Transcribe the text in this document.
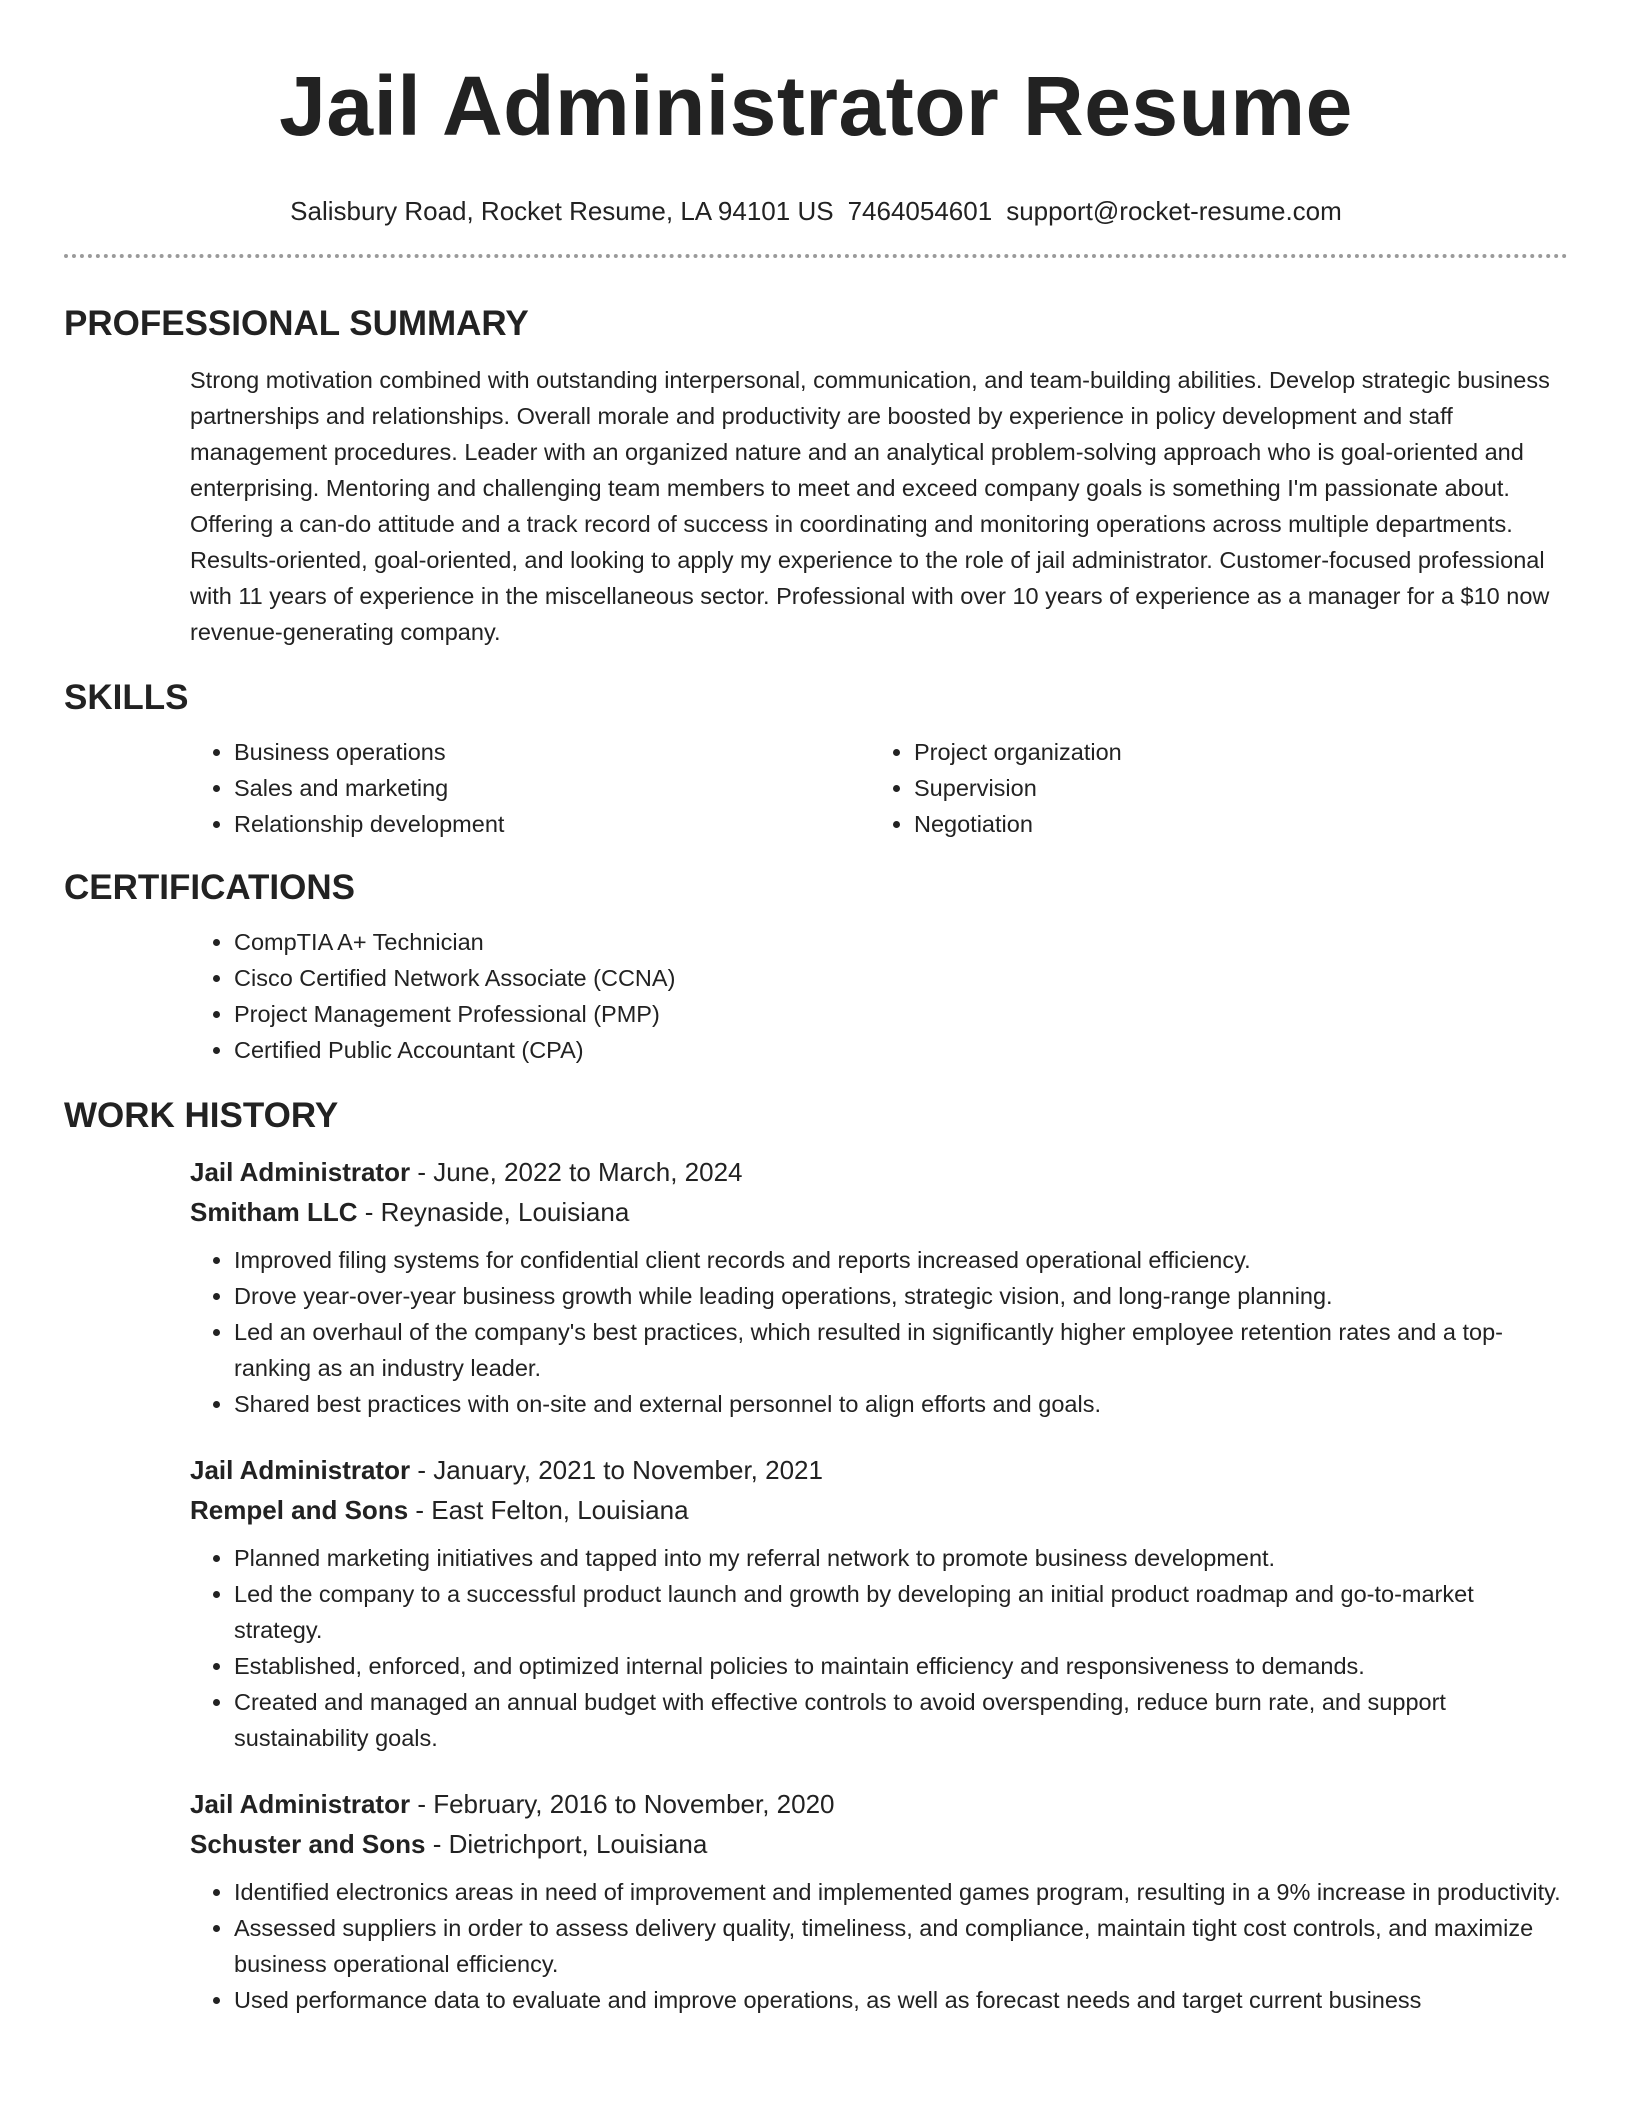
Jail Administrator Resume
Salisbury Road, Rocket Resume, LA 94101 US 7464054601 support@rocket-resume.com
PROFESSIONAL SUMMARY

Strong motivation combined with outstanding interpersonal, communication, and team-building abilities. Develop strategic business partnerships and relationships. Overall morale and productivity are boosted by experience in policy development and staff management procedures. Leader with an organized nature and an analytical problem-solving approach who is goal-oriented and enterprising. Mentoring and challenging team members to meet and exceed company goals is something I'm passionate about. Offering a can-do attitude and a track record of success in coordinating and monitoring operations across multiple departments. Results-oriented, goal-oriented, and looking to apply my experience to the role of jail administrator. Customer-focused professional with 11 years of experience in the miscellaneous sector. Professional with over 10 years of experience as a manager for a $10 now revenue-generating company.

SKILLS
• Business operations
• Sales and marketing
• Relationship development
• Project organization
• Supervision
• Negotiation
CERTIFICATIONS
• CompTIA A+ Technician
• Cisco Certified Network Associate (CCNA)
• Project Management Professional (PMP)
• Certified Public Accountant (CPA)
WORK HISTORY
Jail Administrator - June, 2022 to March, 2024
Smitham LLC - Reynaside, Louisiana
• Improved filing systems for confidential client records and reports increased operational efficiency.
• Drove year-over-year business growth while leading operations, strategic vision, and long-range planning.
• Led an overhaul of the company's best practices, which resulted in significantly higher employee retention rates and a top-ranking as an industry leader.
• Shared best practices with on-site and external personnel to align efforts and goals.
Jail Administrator - January, 2021 to November, 2021
Rempel and Sons - East Felton, Louisiana
• Planned marketing initiatives and tapped into my referral network to promote business development.
• Led the company to a successful product launch and growth by developing an initial product roadmap and go-to-market strategy.
• Established, enforced, and optimized internal policies to maintain efficiency and responsiveness to demands.
• Created and managed an annual budget with effective controls to avoid overspending, reduce burn rate, and support sustainability goals.
Jail Administrator - February, 2016 to November, 2020
Schuster and Sons - Dietrichport, Louisiana
• Identified electronics areas in need of improvement and implemented games program, resulting in a 9% increase in productivity.
• Assessed suppliers in order to assess delivery quality, timeliness, and compliance, maintain tight cost controls, and maximize business operational efficiency.
• Used performance data to evaluate and improve operations, as well as forecast needs and target current business
